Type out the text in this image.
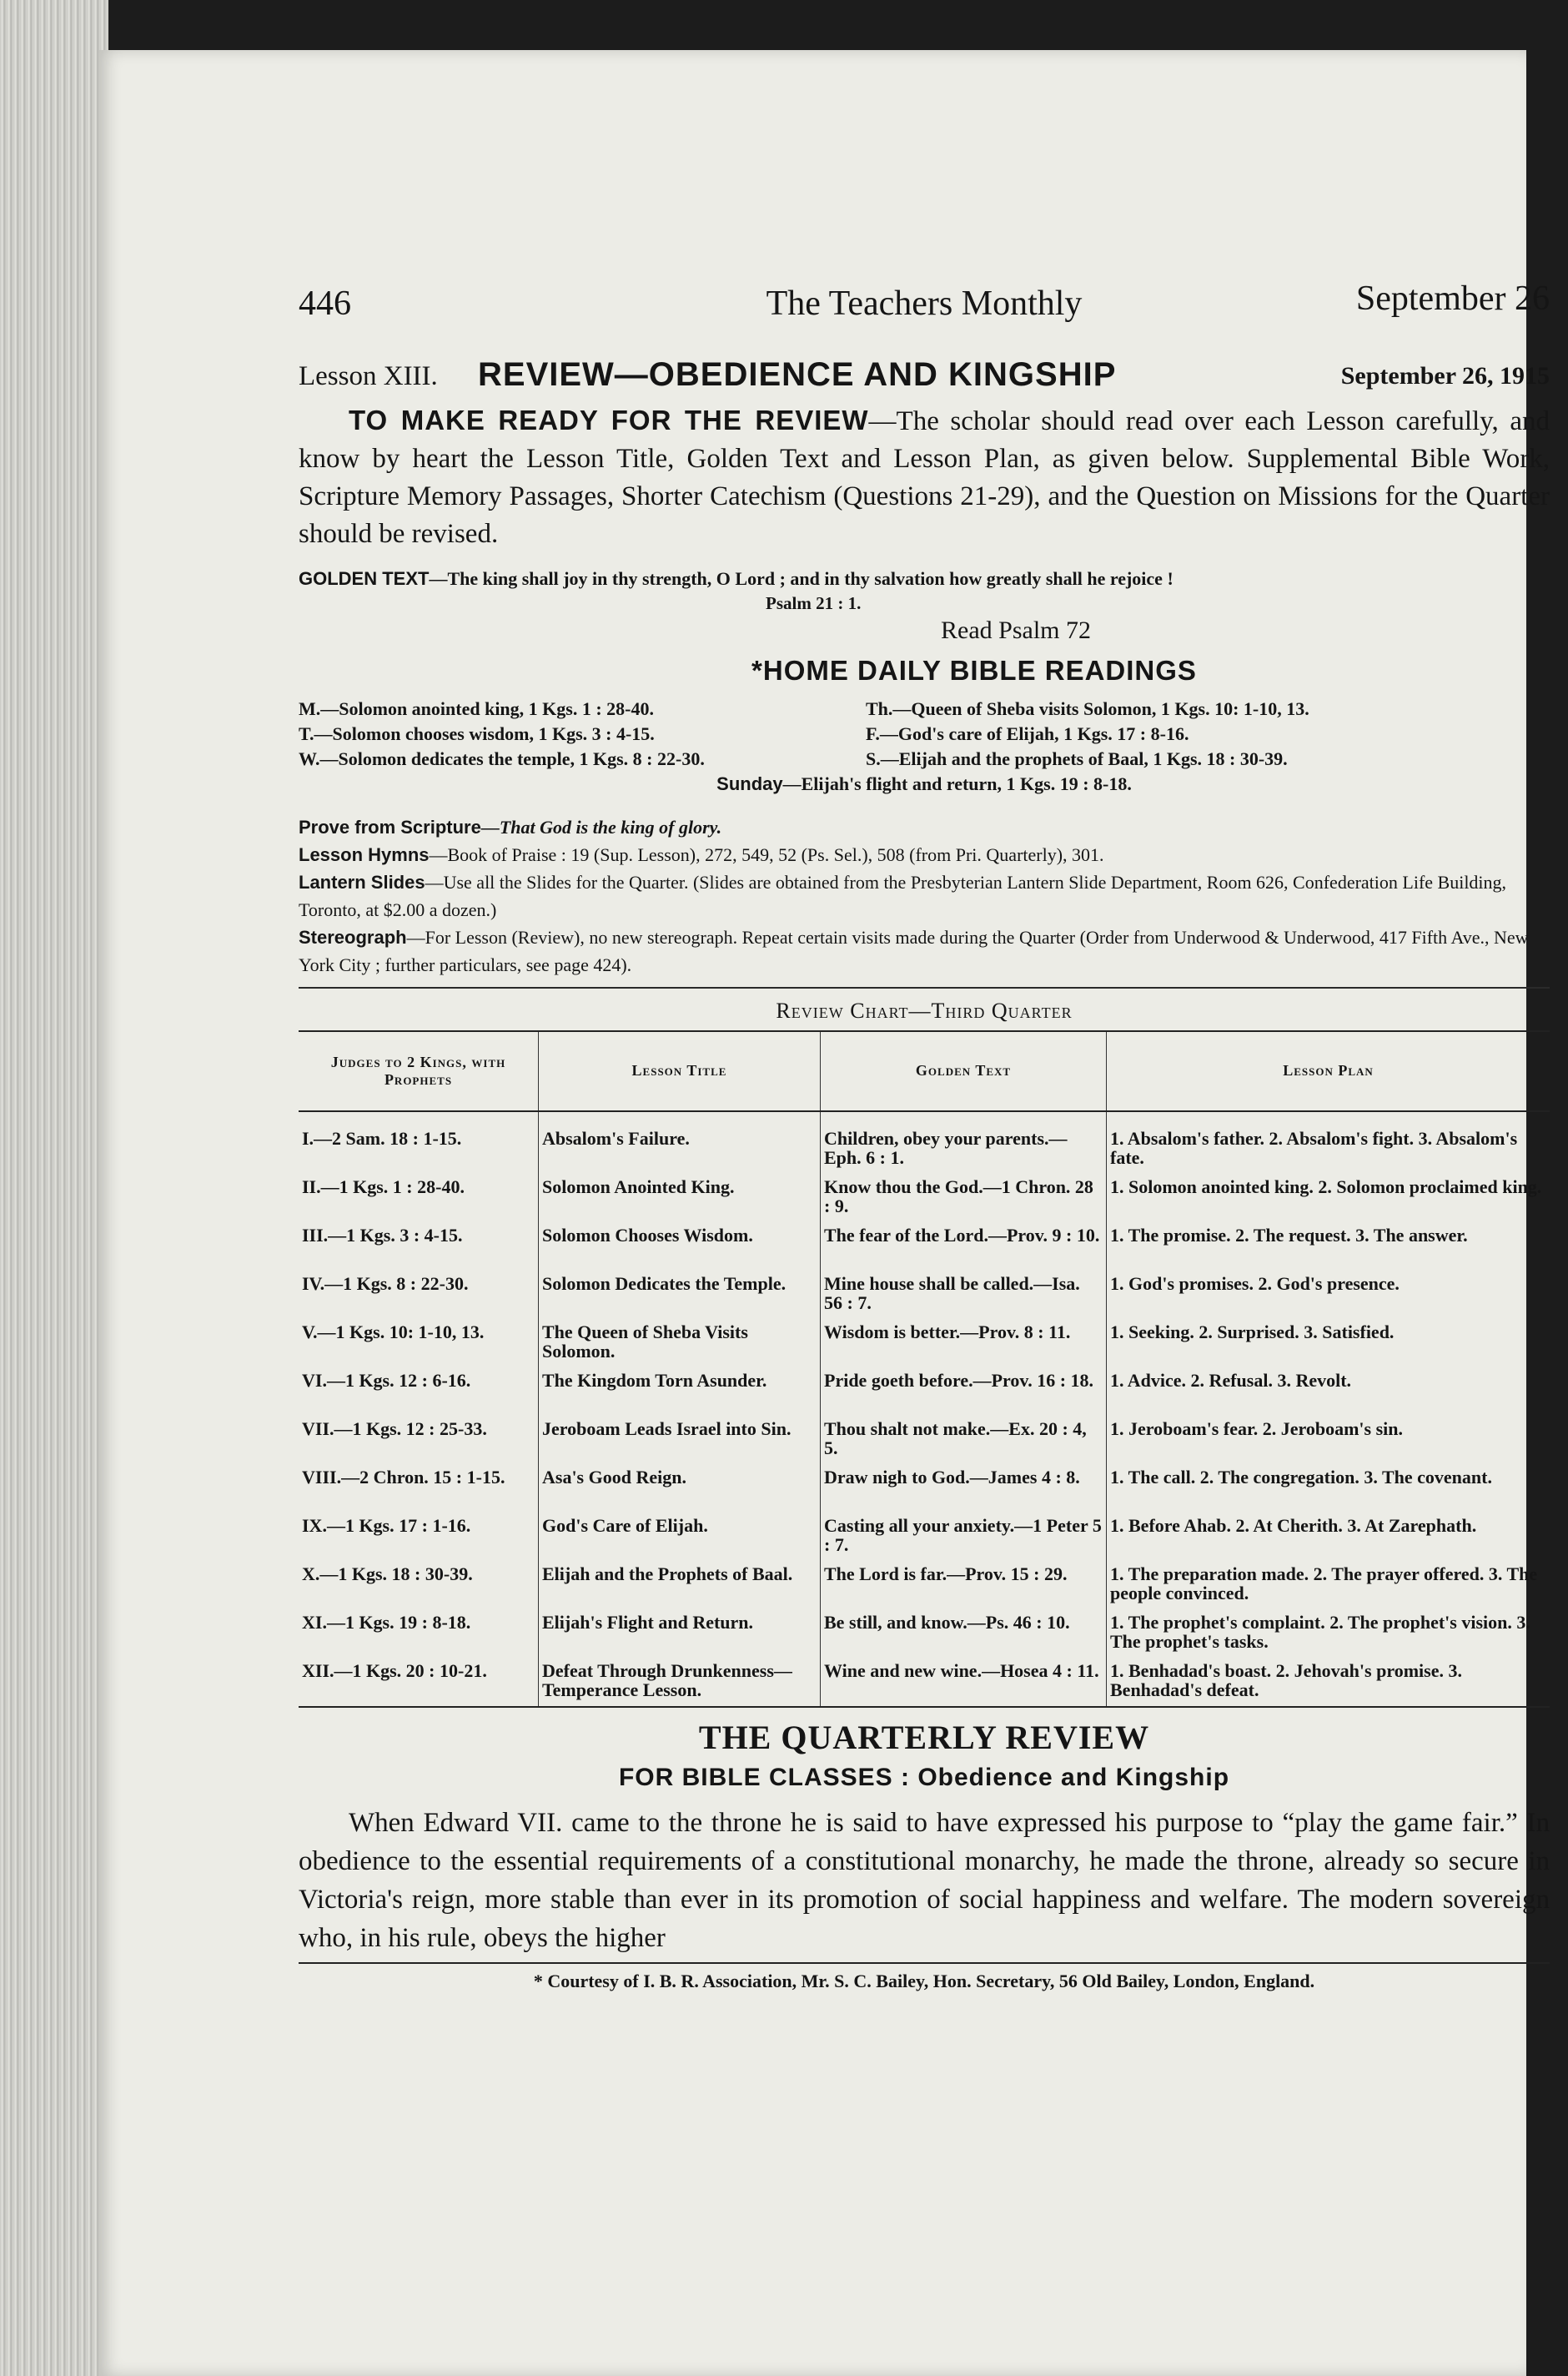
446	The Teachers Monthly	September 26
Lesson XIII. REVIEW—OBEDIENCE AND KINGSHIP	September 26, 1915
TO MAKE READY FOR THE REVIEW—The scholar should read over each Lesson carefully, and know by heart the Lesson Title, Golden Text and Lesson Plan, as given below. Supplemental Bible Work, Scripture Memory Passages, Shorter Catechism (Questions 21-29), and the Question on Missions for the Quarter should be revised.
GOLDEN TEXT—The king shall joy in thy strength, O Lord ; and in thy salvation how greatly shall he rejoice !
Psalm 21 : 1.
Read Psalm 72
*HOME DAILY BIBLE READINGS
M.—Solomon anointed king, 1 Kgs. 1 : 28-40.	Th.—Queen of Sheba visits Solomon, 1 Kgs. 10: 1-10, 13.
T.—Solomon chooses wisdom, 1 Kgs. 3 : 4-15.	F.—God's care of Elijah, 1 Kgs. 17 : 8-16.
W.—Solomon dedicates the temple, 1 Kgs. 8 : 22-30.	S.—Elijah and the prophets of Baal, 1 Kgs. 18 : 30-39.
Sunday—Elijah's flight and return, 1 Kgs. 19 : 8-18.

Prove from Scripture—That God is the king of glory.

Lesson Hymns—Book of Praise : 19 (Sup. Lesson), 272, 549, 52 (Ps. Sel.), 508 (from Pri. Quarterly), 301.

Lantern Slides—Use all the Slides for the Quarter. (Slides are obtained from the Presbyterian Lantern Slide Department, Room 626, Confederation Life Building, Toronto, at $2.00 a dozen.)

Stereograph—For Lesson (Review), no new stereograph. Repeat certain visits made during the Quarter (Order from Underwood & Underwood, 417 Fifth Ave., New York City ; further particulars, see page 424).

Review Chart—Third Quarter
Judges to 2 Kings, with Prophets	Lesson Title	Golden Text	Lesson Plan
I.—2 Sam. 18 : 1-15.	Absalom's Failure.	Children, obey your parents.—Eph. 6 : 1.	1. Absalom's father. 2. Absalom's fight. 3. Absalom's fate.
II.—1 Kgs. 1 : 28-40.	Solomon Anointed King.	Know thou the God.—1 Chron. 28 : 9.	1. Solomon anointed king. 2. Solomon proclaimed king.
III.—1 Kgs. 3 : 4-15.	Solomon Chooses Wisdom.	The fear of the Lord.—Prov. 9 : 10.	1. The promise. 2. The request. 3. The answer.
IV.—1 Kgs. 8 : 22-30.	Solomon Dedicates the Temple.	Mine house shall be called.—Isa. 56 : 7.	1. God's promises. 2. God's presence.
V.—1 Kgs. 10: 1-10, 13.	The Queen of Sheba Visits Solomon.	Wisdom is better.—Prov. 8 : 11.	1. Seeking. 2. Surprised. 3. Satisfied.
VI.—1 Kgs. 12 : 6-16.	The Kingdom Torn Asunder.	Pride goeth before.—Prov. 16 : 18.	1. Advice. 2. Refusal. 3. Revolt.
VII.—1 Kgs. 12 : 25-33.	Jeroboam Leads Israel into Sin.	Thou shalt not make.—Ex. 20 : 4, 5.	1. Jeroboam's fear. 2. Jeroboam's sin.
VIII.—2 Chron. 15 : 1-15.	Asa's Good Reign.	Draw nigh to God.—James 4 : 8.	1. The call. 2. The congregation. 3. The covenant.
IX.—1 Kgs. 17 : 1-16.	God's Care of Elijah.	Casting all your anxiety.—1 Peter 5 : 7.	1. Before Ahab. 2. At Cherith. 3. At Zarephath.
X.—1 Kgs. 18 : 30-39.	Elijah and the Prophets of Baal.	The Lord is far.—Prov. 15 : 29.	1. The preparation made. 2. The prayer offered. 3. The people convinced.
XI.—1 Kgs. 19 : 8-18.	Elijah's Flight and Return.	Be still, and know.—Ps. 46 : 10.	1. The prophet's complaint. 2. The prophet's vision. 3. The prophet's tasks.
XII.—1 Kgs. 20 : 10-21.	Defeat Through Drunkenness—Temperance Lesson.	Wine and new wine.—Hosea 4 : 11.	1. Benhadad's boast. 2. Jehovah's promise. 3. Benhadad's defeat.
THE QUARTERLY REVIEW
FOR BIBLE CLASSES : Obedience and Kingship
When Edward VII. came to the throne he is said to have expressed his purpose to “play the game fair.” In obedience to the essential requirements of a constitutional monarchy, he made the throne, already so secure in Victoria's reign, more stable than ever in its promotion of social happiness and welfare. The modern sovereign who, in his rule, obeys the higher
* Courtesy of I. B. R. Association, Mr. S. C. Bailey, Hon. Secretary, 56 Old Bailey, London, England.
